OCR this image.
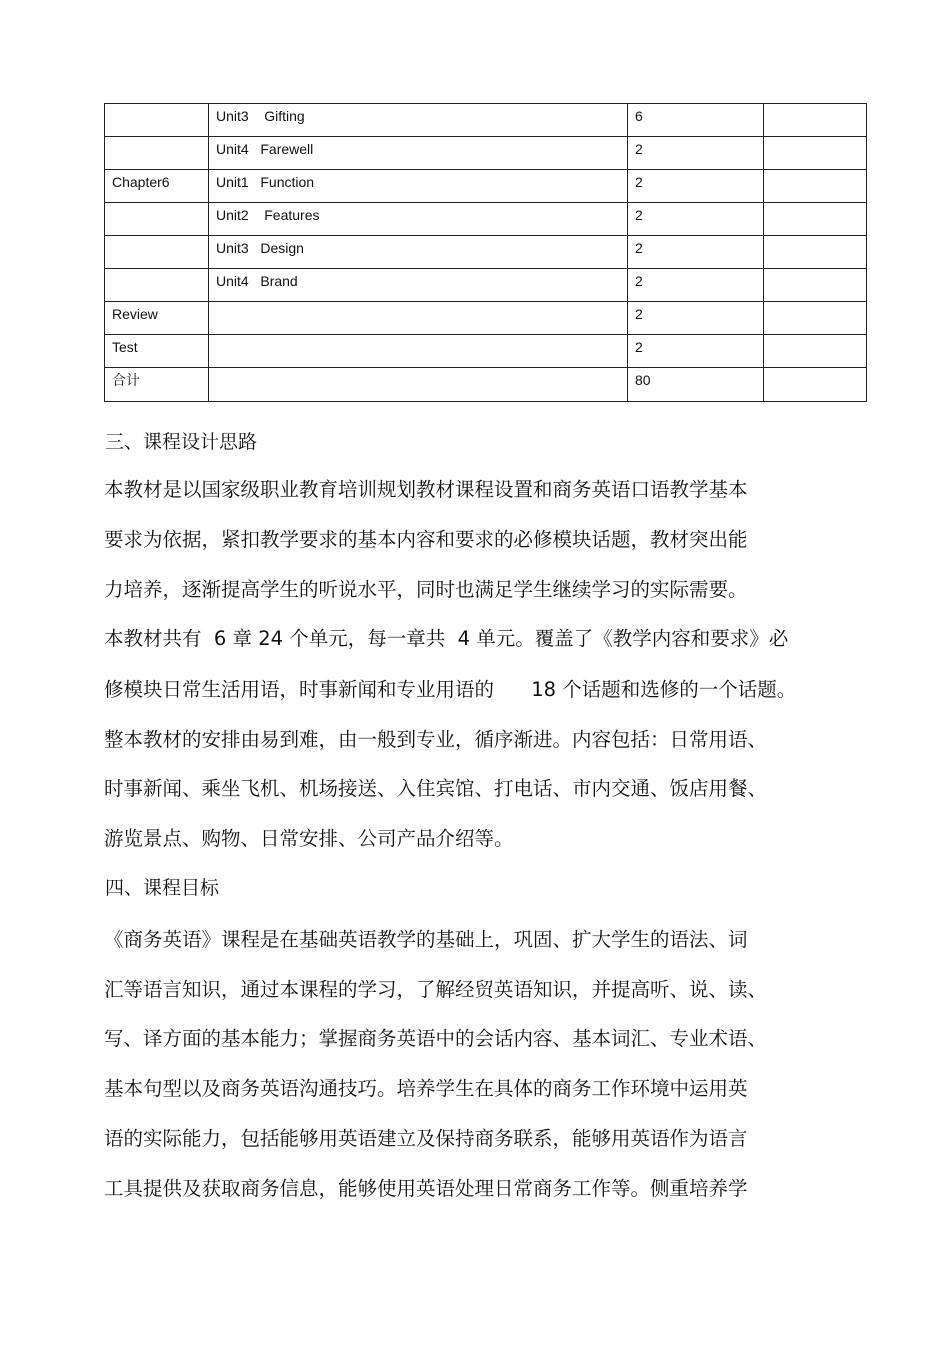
	Unit3    Gifting	6	
	Unit4   Farewell	2	
Chapter6	Unit1   Function	2	
	Unit2    Features	2	
	Unit3   Design	2	
	Unit4   Brand	2	
Review		2	
Test		2	
合计		80	
三、课程设计思路
本教材是以国家级职业教育培训规划教材课程设置和商务英语口语教学基本
要求为依据，紧扣教学要求的基本内容和要求的必修模块话题，教材突出能
力培养，逐渐提高学生的听说水平，同时也满足学生继续学习的实际需要。
本教材共有  6 章 24 个单元，每一章共  4 单元。覆盖了《教学内容和要求》必
修模块日常生活用语，时事新闻和专业用语的      18 个话题和选修的一个话题。
整本教材的安排由易到难，由一般到专业，循序渐进。内容包括：日常用语、
时事新闻、乘坐飞机、机场接送、入住宾馆、打电话、市内交通、饭店用餐、
游览景点、购物、日常安排、公司产品介绍等。
四、课程目标
《商务英语》课程是在基础英语教学的基础上，巩固、扩大学生的语法、词
汇等语言知识，通过本课程的学习，了解经贸英语知识，并提高听、说、读、
写、译方面的基本能力；掌握商务英语中的会话内容、基本词汇、专业术语、
基本句型以及商务英语沟通技巧。培养学生在具体的商务工作环境中运用英
语的实际能力，包括能够用英语建立及保持商务联系，能够用英语作为语言
工具提供及获取商务信息，能够使用英语处理日常商务工作等。侧重培养学
